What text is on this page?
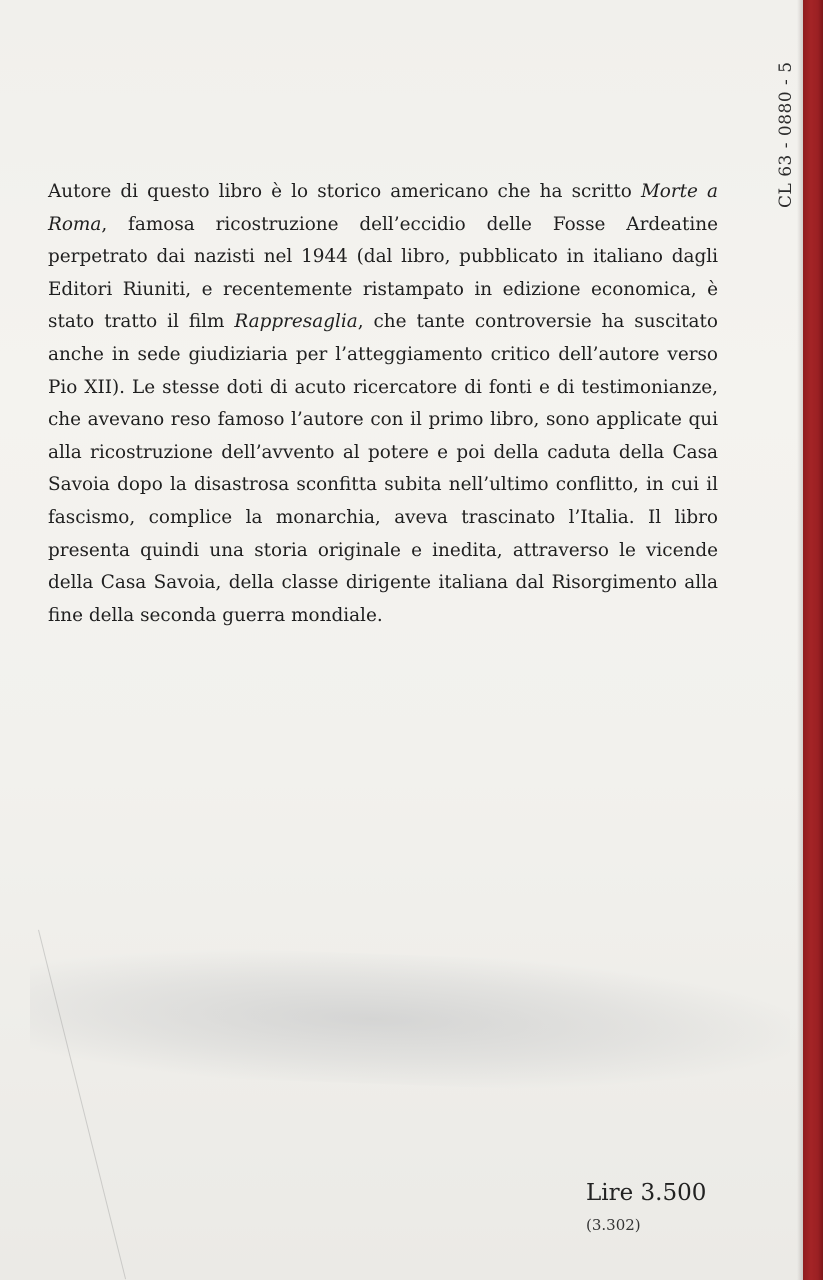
Autore di questo libro è lo storico americano che ha scritto Morte a Roma, famosa ricostruzione dell’eccidio delle Fosse Ardeatine perpetrato dai nazisti nel 1944 (dal libro, pubblicato in italiano dagli Editori Riuniti, e recentemente ristampato in edizione economica, è stato tratto il film Rappresaglia, che tante controversie ha suscitato anche in sede giudiziaria per l’atteggiamento critico dell’autore verso Pio XII). Le stesse doti di acuto ricercatore di fonti e di testimonianze, che avevano reso famoso l’autore con il primo libro, sono applicate qui alla ricostruzione dell’avvento al potere e poi della caduta della Casa Savoia dopo la disastrosa sconfitta subita nell’ultimo conflitto, in cui il fascismo, complice la monarchia, aveva trascinato l’Italia. Il libro presenta quindi una storia originale e inedita, attraverso le vicende della Casa Savoia, della classe dirigente italiana dal Risorgimento alla fine della seconda guerra mondiale.
Lire 3.500
(3.302)
CL 63 - 0880 - 5
